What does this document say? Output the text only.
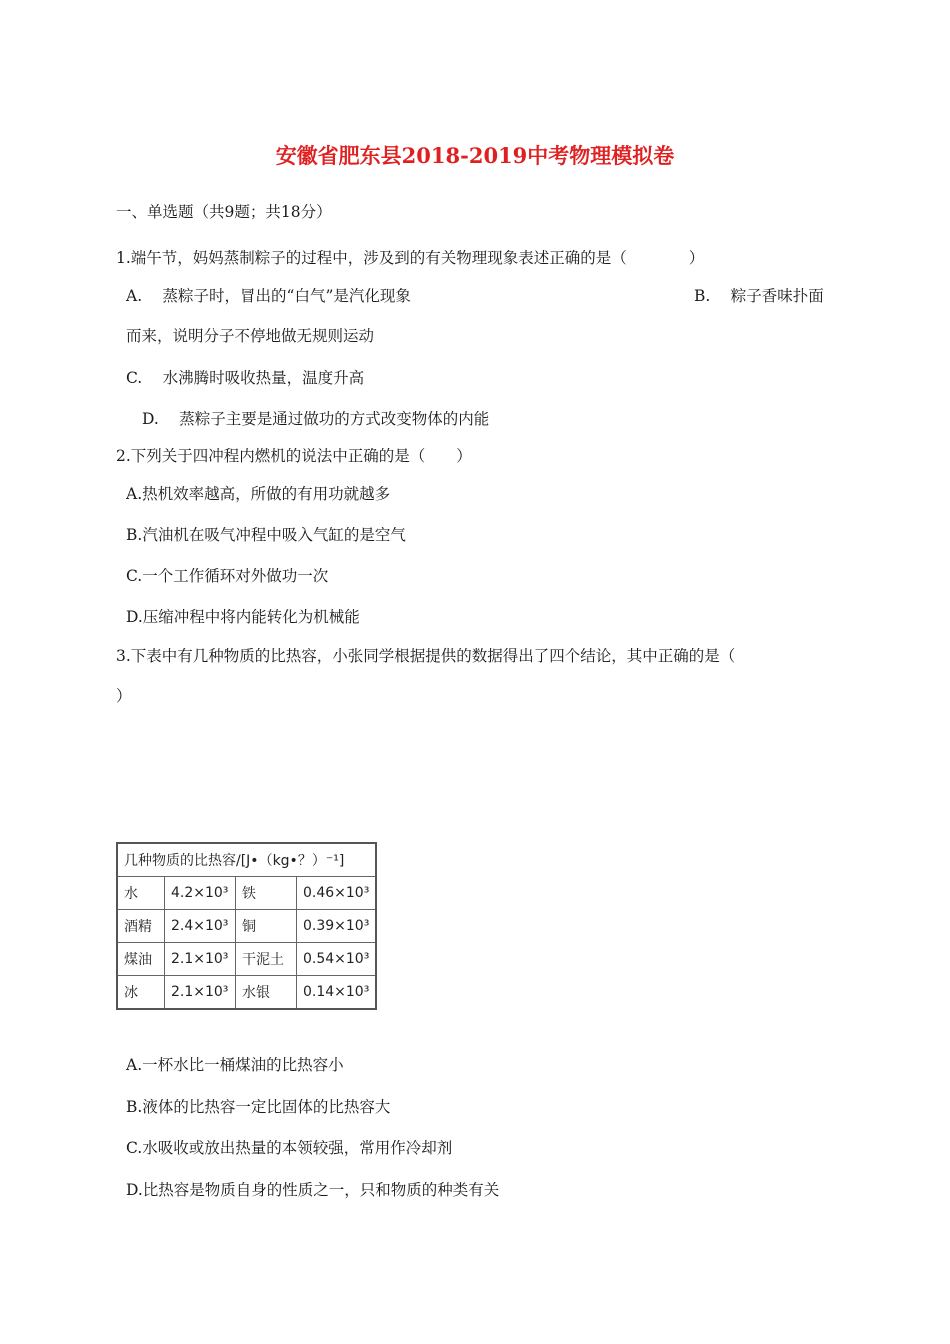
安徽省肥东县2018-2019中考物理模拟卷
一、单选题（共9题；共18分）
1.端午节，妈妈蒸制粽子的过程中，涉及到的有关物理现象表述正确的是（　　　　）
A.　 蒸粽子时，冒出的“白气”是汽化现象	B.　 粽子香味扑面
而来，说明分子不停地做无规则运动
C.　 水沸腾时吸收热量，温度升高
D.　 蒸粽子主要是通过做功的方式改变物体的内能
2.下列关于四冲程内燃机的说法中正确的是（　　）
A.热机效率越高，所做的有用功就越多
B.汽油机在吸气冲程中吸入气缸的是空气
C.一个工作循环对外做功一次
D.压缩冲程中将内能转化为机械能
3.下表中有几种物质的比热容，小张同学根据提供的数据得出了四个结论，其中正确的是（
）
几种物质的比热容/[J•（kg•？）⁻¹]			
水	4.2×10³	铁	0.46×10³
酒精	2.4×10³	铜	0.39×10³
煤油	2.1×10³	干泥土	0.54×10³
冰	2.1×10³	水银	0.14×10³
A.一杯水比一桶煤油的比热容小
B.液体的比热容一定比固体的比热容大
C.水吸收或放出热量的本领较强，常用作冷却剂
D.比热容是物质自身的性质之一，只和物质的种类有关
